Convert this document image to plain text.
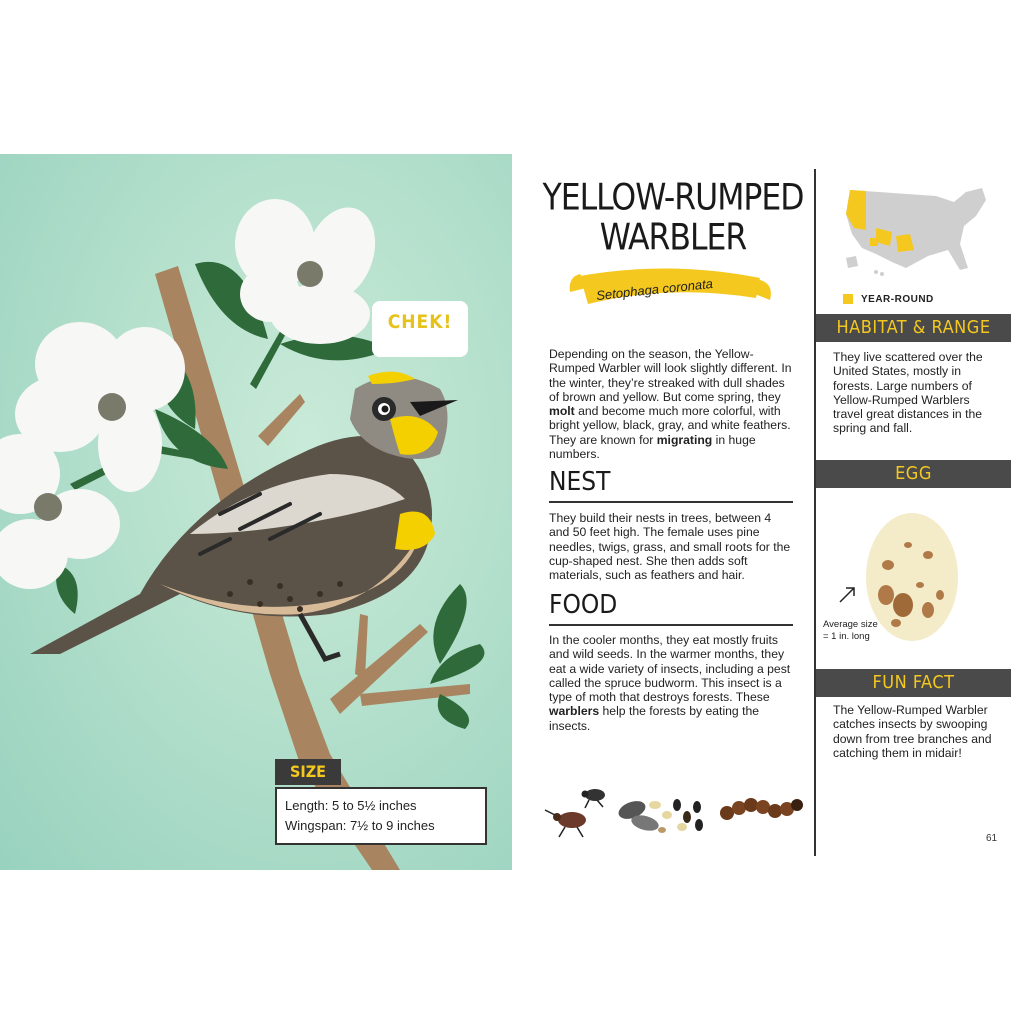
CHEK!
SIZE
Length: 5 to 5½ inches
Wingspan: 7½ to 9 inches
YELLOW-RUMPED
WARBLER
Setophaga coronata
Depending on the season, the Yellow-Rumped Warbler will look slightly different. In the winter, they’re streaked with dull shades of brown and yellow. But come spring, they molt and become much more colorful, with bright yellow, black, gray, and white feathers. They are known for migrating in huge numbers.
NEST
They build their nests in trees, between 4 and 50 feet high. The female uses pine needles, twigs, grass, and small roots for the cup-shaped nest. She then adds soft materials, such as feathers and hair.
FOOD
In the cooler months, they eat mostly fruits and wild seeds. In the warmer months, they eat a wide variety of insects, including a pest called the spruce budworm. This insect is a type of moth that destroys forests. These warblers help the forests by eating the insects.
YEAR-ROUND
HABITAT & RANGE
They live scattered over the United States, mostly in forests. Large numbers of Yellow-Rumped Warblers travel great distances in the spring and fall.
EGG
Average size = 1 in. long
FUN FACT
The Yellow-Rumped Warbler catches insects by swooping down from tree branches and catching them in midair!
61
